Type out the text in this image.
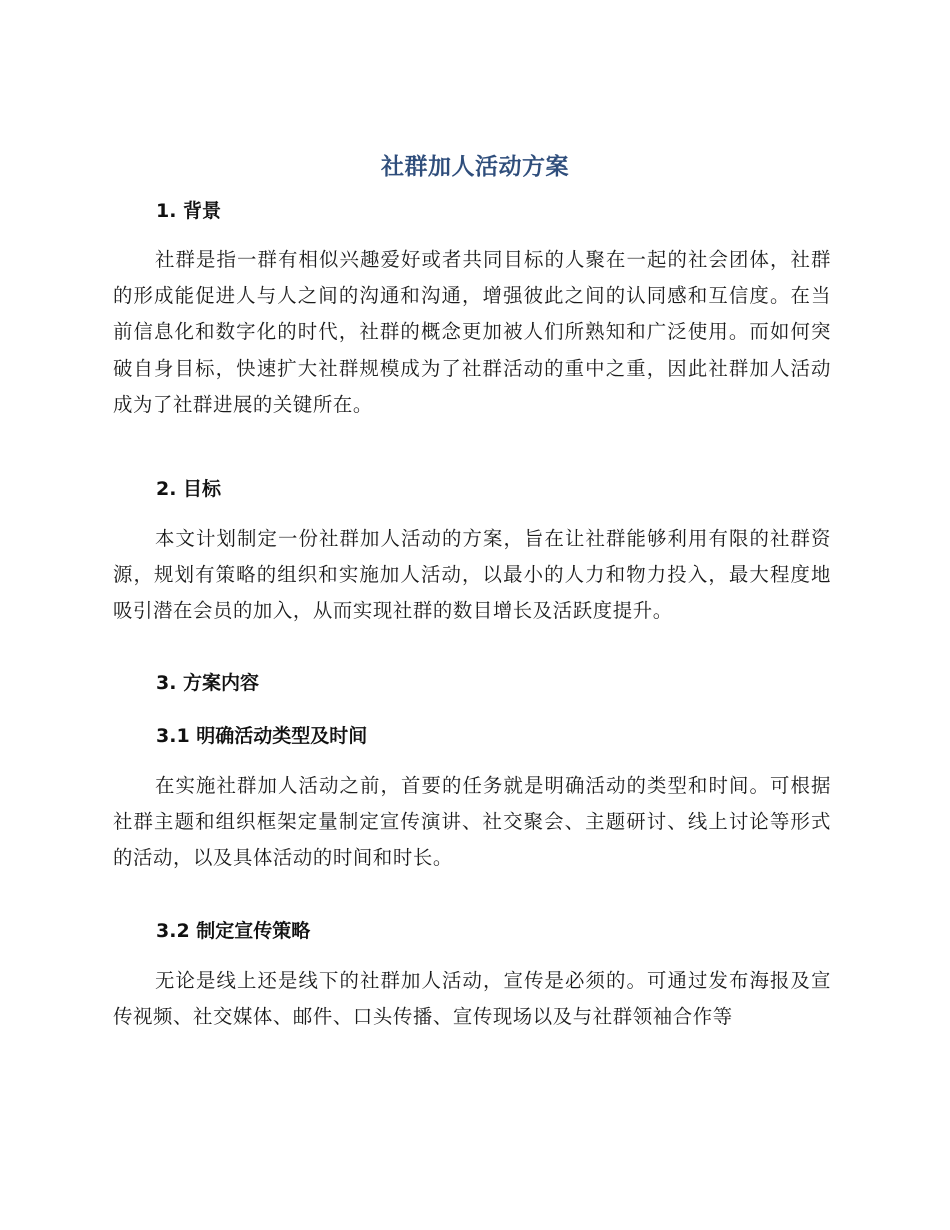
社群加人活动方案
1. 背景
社群是指一群有相似兴趣爱好或者共同目标的人聚在一起的社会团体，社群的形成能促进人与人之间的沟通和沟通，增强彼此之间的认同感和互信度。在当前信息化和数字化的时代，社群的概念更加被人们所熟知和广泛使用。而如何突破自身目标，快速扩大社群规模成为了社群活动的重中之重，因此社群加人活动成为了社群进展的关键所在。
2. 目标
本文计划制定一份社群加人活动的方案，旨在让社群能够利用有限的社群资源，规划有策略的组织和实施加人活动，以最小的人力和物力投入，最大程度地吸引潜在会员的加入，从而实现社群的数目增长及活跃度提升。
3. 方案内容
3.1 明确活动类型及时间
在实施社群加人活动之前，首要的任务就是明确活动的类型和时间。可根据社群主题和组织框架定量制定宣传演讲、社交聚会、主题研讨、线上讨论等形式的活动，以及具体活动的时间和时长。
3.2 制定宣传策略
无论是线上还是线下的社群加人活动，宣传是必须的。可通过发布海报及宣传视频、社交媒体、邮件、口头传播、宣传现场以及与社群领袖合作等
